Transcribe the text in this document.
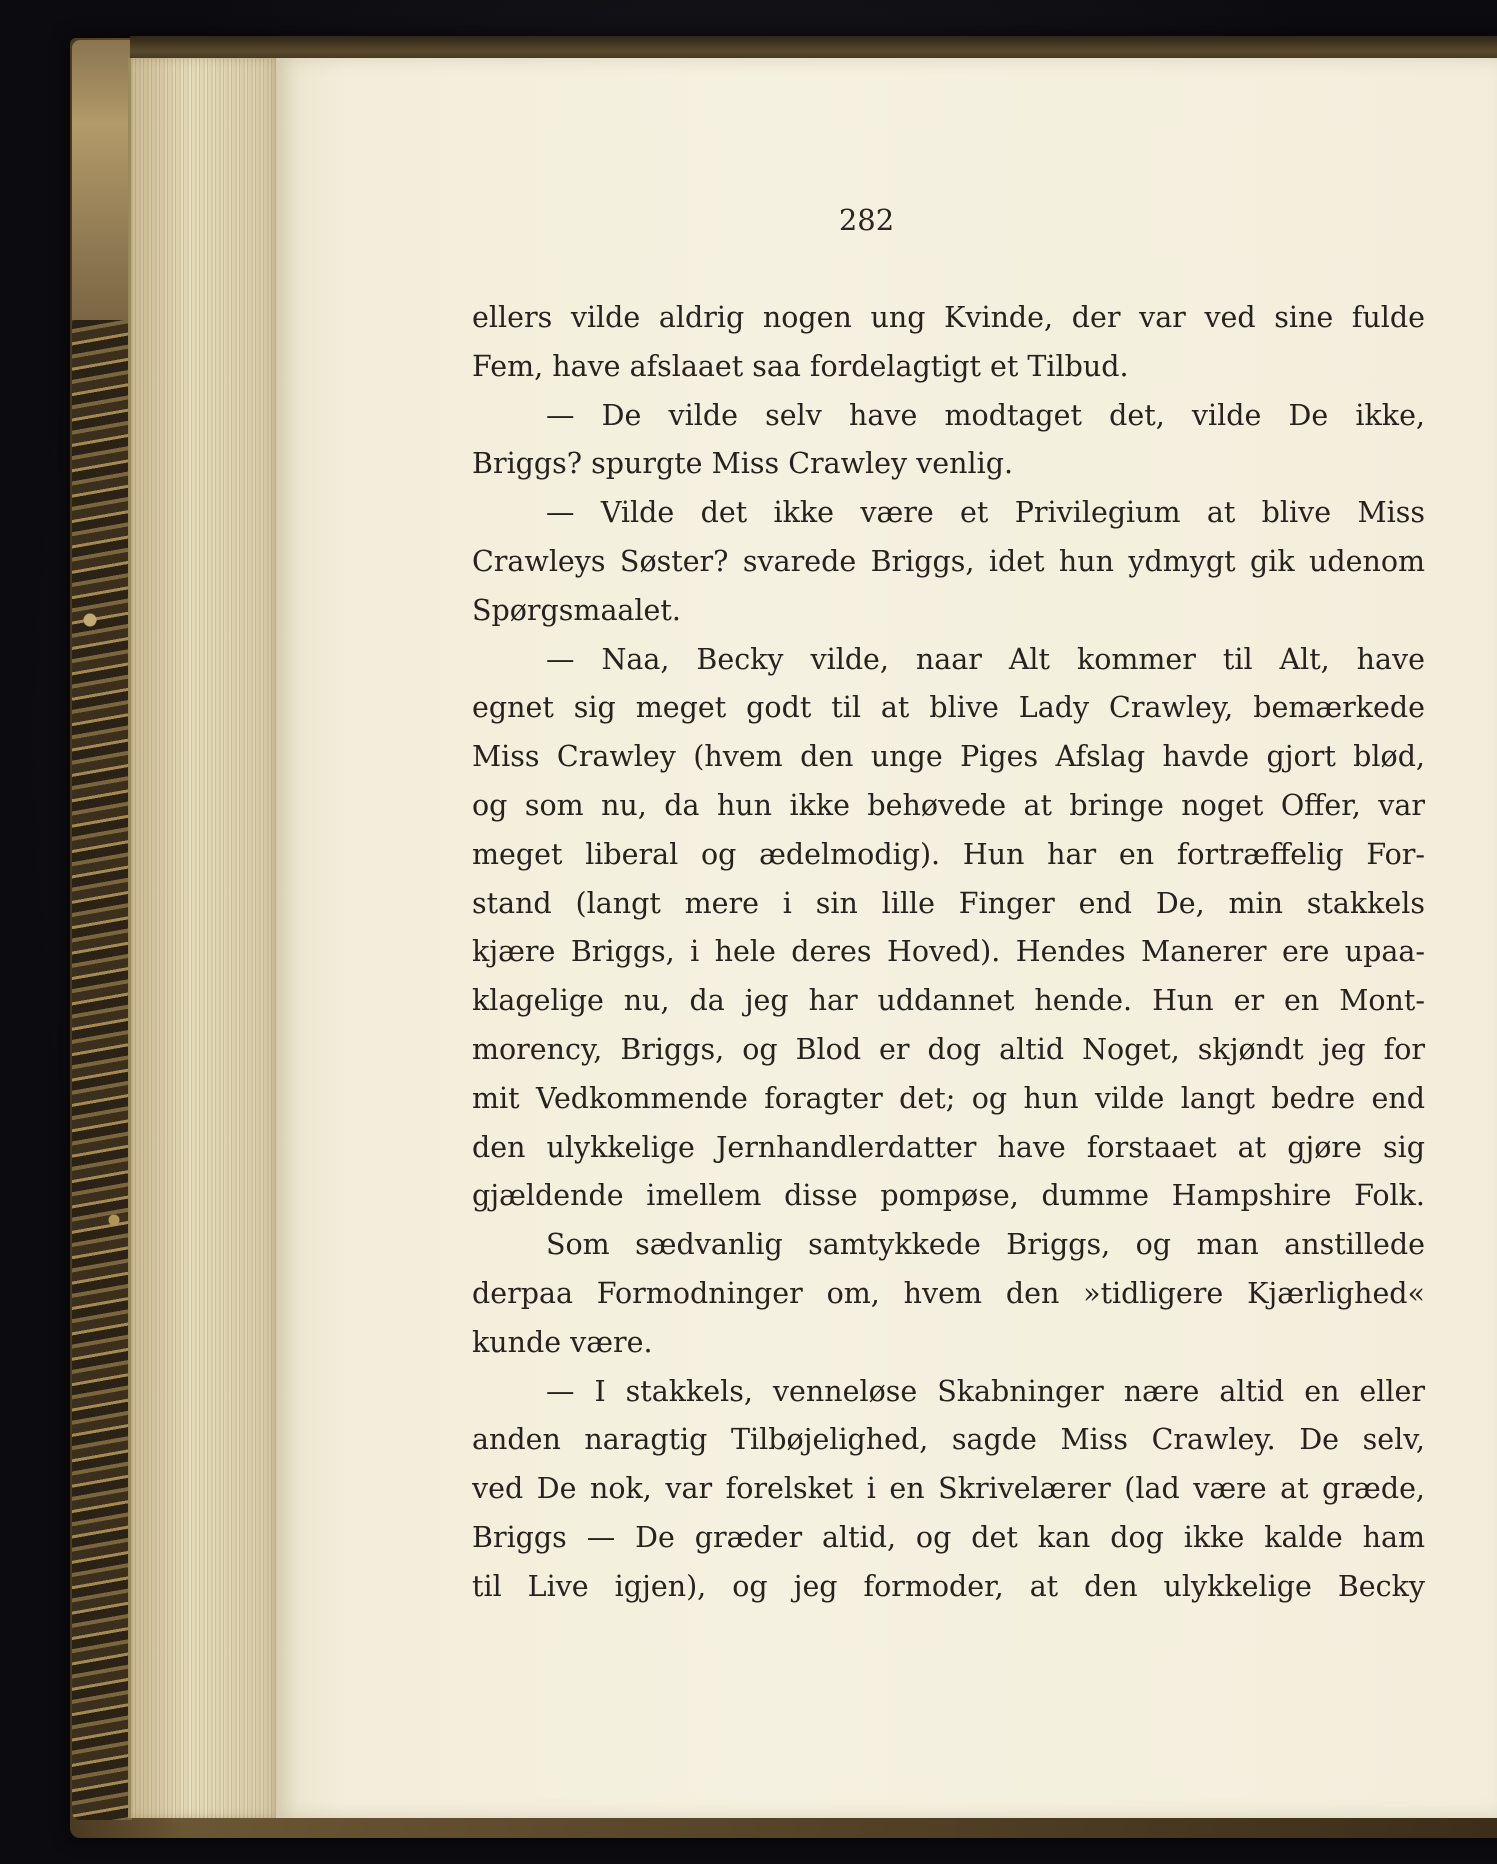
282
ellers vilde aldrig nogen ung Kvinde, der var ved sine fulde
Fem, have afslaaet saa fordelagtigt et Tilbud.
— De vilde selv have modtaget det, vilde De ikke,
Briggs? spurgte Miss Crawley venlig.
— Vilde det ikke være et Privilegium at blive Miss
Crawleys Søster? svarede Briggs, idet hun ydmygt gik udenom
Spørgsmaalet.
— Naa, Becky vilde, naar Alt kommer til Alt, have
egnet sig meget godt til at blive Lady Crawley, bemærkede
Miss Crawley (hvem den unge Piges Afslag havde gjort blød,
og som nu, da hun ikke behøvede at bringe noget Offer, var
meget liberal og ædelmodig). Hun har en fortræffelig For-
stand (langt mere i sin lille Finger end De, min stakkels
kjære Briggs, i hele deres Hoved). Hendes Manerer ere upaa-
klagelige nu, da jeg har uddannet hende. Hun er en Mont-
morency, Briggs, og Blod er dog altid Noget, skjøndt jeg for
mit Vedkommende foragter det; og hun vilde langt bedre end
den ulykkelige Jernhandlerdatter have forstaaet at gjøre sig
gjældende imellem disse pompøse, dumme Hampshire Folk.
Som sædvanlig samtykkede Briggs, og man anstillede
derpaa Formodninger om, hvem den »tidligere Kjærlighed«
kunde være.
— I stakkels, venneløse Skabninger nære altid en eller
anden naragtig Tilbøjelighed, sagde Miss Crawley. De selv,
ved De nok, var forelsket i en Skrivelærer (lad være at græde,
Briggs — De græder altid, og det kan dog ikke kalde ham
til Live igjen), og jeg formoder, at den ulykkelige Becky
